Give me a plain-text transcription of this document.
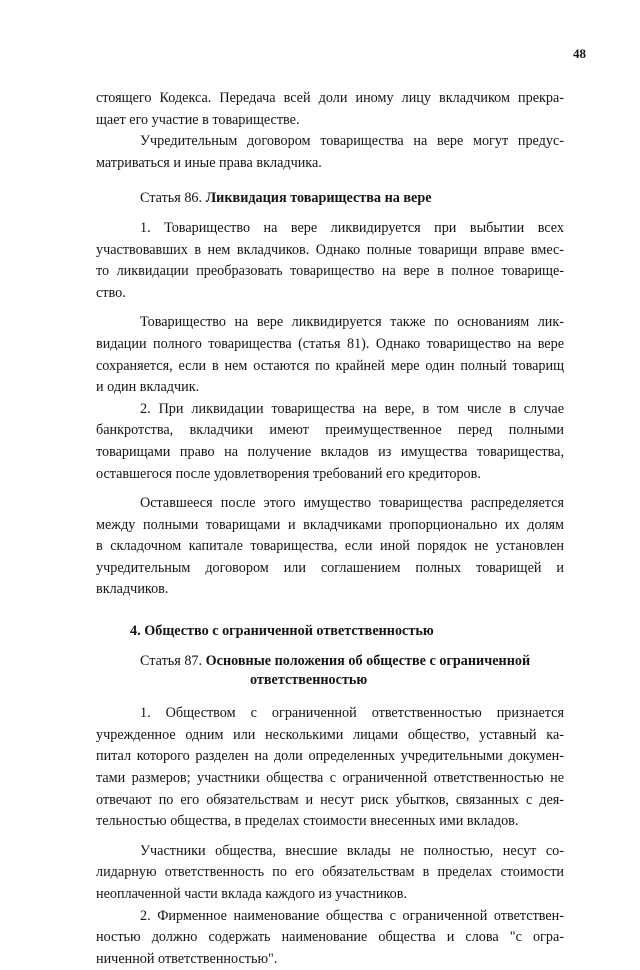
48
стоящего Кодекса. Передача всей доли иному лицу вкладчиком прекра-
щает его участие в товариществе.
Учредительным договором товарищества на вере могут предус-
матриваться и иные права вкладчика.
Статья 86. Ликвидация товарищества на вере
1. Товарищество на вере ликвидируется при выбытии всех
участвовавших в нем вкладчиков. Однако полные товарищи вправе вмес-
то ликвидации преобразовать товарищество на вере в полное товарище-
ство.
Товарищество на вере ликвидируется также по основаниям лик-
видации полного товарищества (статья 81). Однако товарищество на вере
сохраняется, если в нем остаются по крайней мере один полный товарищ
и один вкладчик.
2. При ликвидации товарищества на вере, в том числе в случае
банкротства, вкладчики имеют преимущественное перед полными
товарищами право на получение вкладов из имущества товарищества,
оставшегося после удовлетворения требований его кредиторов.
Оставшееся после этого имущество товарищества распределяется
между полными товарищами и вкладчиками пропорционально их долям
в складочном капитале товарищества, если иной порядок не установлен
учредительным договором или соглашением полных товарищей и
вкладчиков.
4. Общество с ограниченной ответственностью
Статья 87. Основные положения об обществе с ограниченной
ответственностью
1. Обществом с ограниченной ответственностью признается
учрежденное одним или несколькими лицами общество, уставный ка-
питал которого разделен на доли определенных учредительными докумен-
тами размеров; участники общества с ограниченной ответственностью не
отвечают по его обязательствам и несут риск убытков, связанных с дея-
тельностью общества, в пределах стоимости внесенных ими вкладов.
Участники общества, внесшие вклады не полностью, несут со-
лидарную ответственность по его обязательствам в пределах стоимости
неоплаченной части вклада каждого из участников.
2. Фирменное наименование общества с ограниченной ответствен-
ностью должно содержать наименование общества и слова "с огра-
ниченной ответственностью".
